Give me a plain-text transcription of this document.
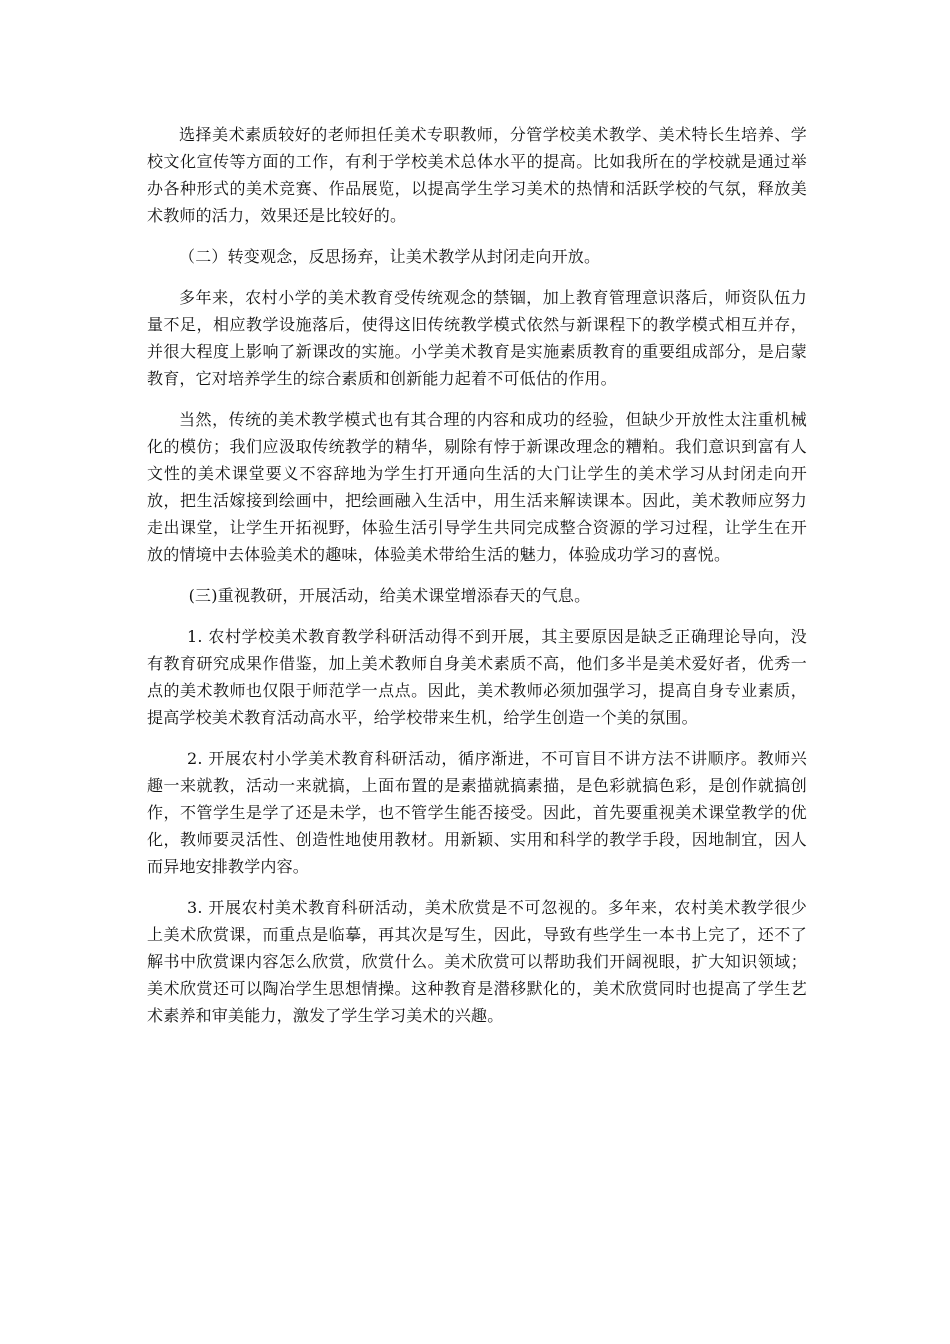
选择美术素质较好的老师担任美术专职教师，分管学校美术教学、美术特长生培养、学校文化宣传等方面的工作，有利于学校美术总体水平的提高。比如我所在的学校就是通过举办各种形式的美术竞赛、作品展览，以提高学生学习美术的热情和活跃学校的气氛，释放美术教师的活力，效果还是比较好的。

（二）转变观念，反思扬弃，让美术教学从封闭走向开放。

多年来，农村小学的美术教育受传统观念的禁锢，加上教育管理意识落后，师资队伍力量不足，相应教学设施落后，使得这旧传统教学模式依然与新课程下的教学模式相互并存，并很大程度上影响了新课改的实施。小学美术教育是实施素质教育的重要组成部分，是启蒙教育，它对培养学生的综合素质和创新能力起着不可低估的作用。

当然，传统的美术教学模式也有其合理的内容和成功的经验，但缺少开放性太注重机械化的模仿；我们应汲取传统教学的精华，剔除有悖于新课改理念的糟粕。我们意识到富有人文性的美术课堂要义不容辞地为学生打开通向生活的大门让学生的美术学习从封闭走向开放，把生活嫁接到绘画中，把绘画融入生活中，用生活来解读课本。因此，美术教师应努力走出课堂，让学生开拓视野，体验生活引导学生共同完成整合资源的学习过程，让学生在开放的情境中去体验美术的趣味，体验美术带给生活的魅力，体验成功学习的喜悦。

(三)重视教研，开展活动，给美术课堂增添春天的气息。

1. 农村学校美术教育教学科研活动得不到开展，其主要原因是缺乏正确理论导向，没有教育研究成果作借鉴，加上美术教师自身美术素质不高，他们多半是美术爱好者，优秀一点的美术教师也仅限于师范学一点点。因此，美术教师必须加强学习，提高自身专业素质，提高学校美术教育活动高水平，给学校带来生机，给学生创造一个美的氛围。

2. 开展农村小学美术教育科研活动，循序渐进，不可盲目不讲方法不讲顺序。教师兴趣一来就教，活动一来就搞，上面布置的是素描就搞素描，是色彩就搞色彩，是创作就搞创作，不管学生是学了还是未学，也不管学生能否接受。因此，首先要重视美术课堂教学的优化，教师要灵活性、创造性地使用教材。用新颖、实用和科学的教学手段，因地制宜，因人而异地安排教学内容。

3. 开展农村美术教育科研活动，美术欣赏是不可忽视的。多年来，农村美术教学很少上美术欣赏课，而重点是临摹，再其次是写生，因此，导致有些学生一本书上完了，还不了解书中欣赏课内容怎么欣赏，欣赏什么。美术欣赏可以帮助我们开阔视眼，扩大知识领域；美术欣赏还可以陶冶学生思想情操。这种教育是潜移默化的，美术欣赏同时也提高了学生艺术素养和审美能力，激发了学生学习美术的兴趣。
